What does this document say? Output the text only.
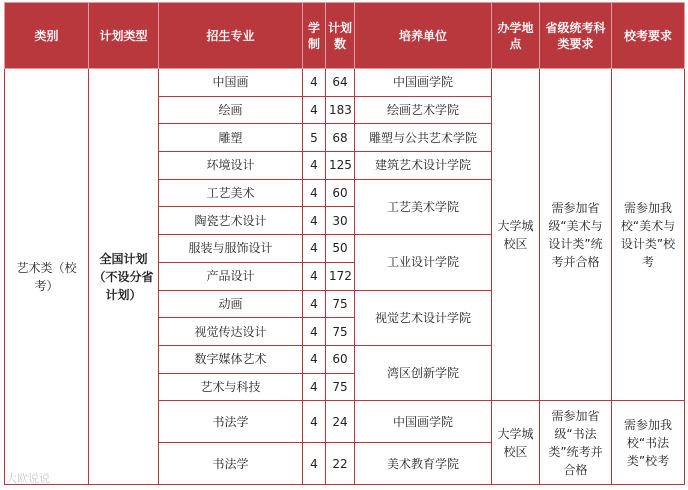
类别	计划类型	招生专业	学制	计划数	培养单位	办学地点	省级统考科类要求	校考要求
艺术类（校考）	全国计划（不设分省计划）	中国画	4	64	中国画学院	大学城校区	需参加省级“美术与设计类”统考并合格	需参加我校“美术与设计类”校考
		绘画	4	183	绘画艺术学院			
		雕塑	5	68	雕塑与公共艺术学院			
		环境设计	4	125	建筑艺术设计学院			
		工艺美术	4	60	工艺美术学院			
		陶瓷艺术设计	4	30				
		服装与服饰设计	4	50	工业设计学院			
		产品设计	4	172				
		动画	4	75	视觉艺术设计学院			
		视觉传达设计	4	75				
		数字媒体艺术	4	60	湾区创新学院			
		艺术与科技	4	75				
		书法学	4	24	中国画学院	大学城校区	需参加省级“书法类”统考并合格	需参加我校“书法类”校考
		书法学	4	22	美术教育学院			
大欧说说
